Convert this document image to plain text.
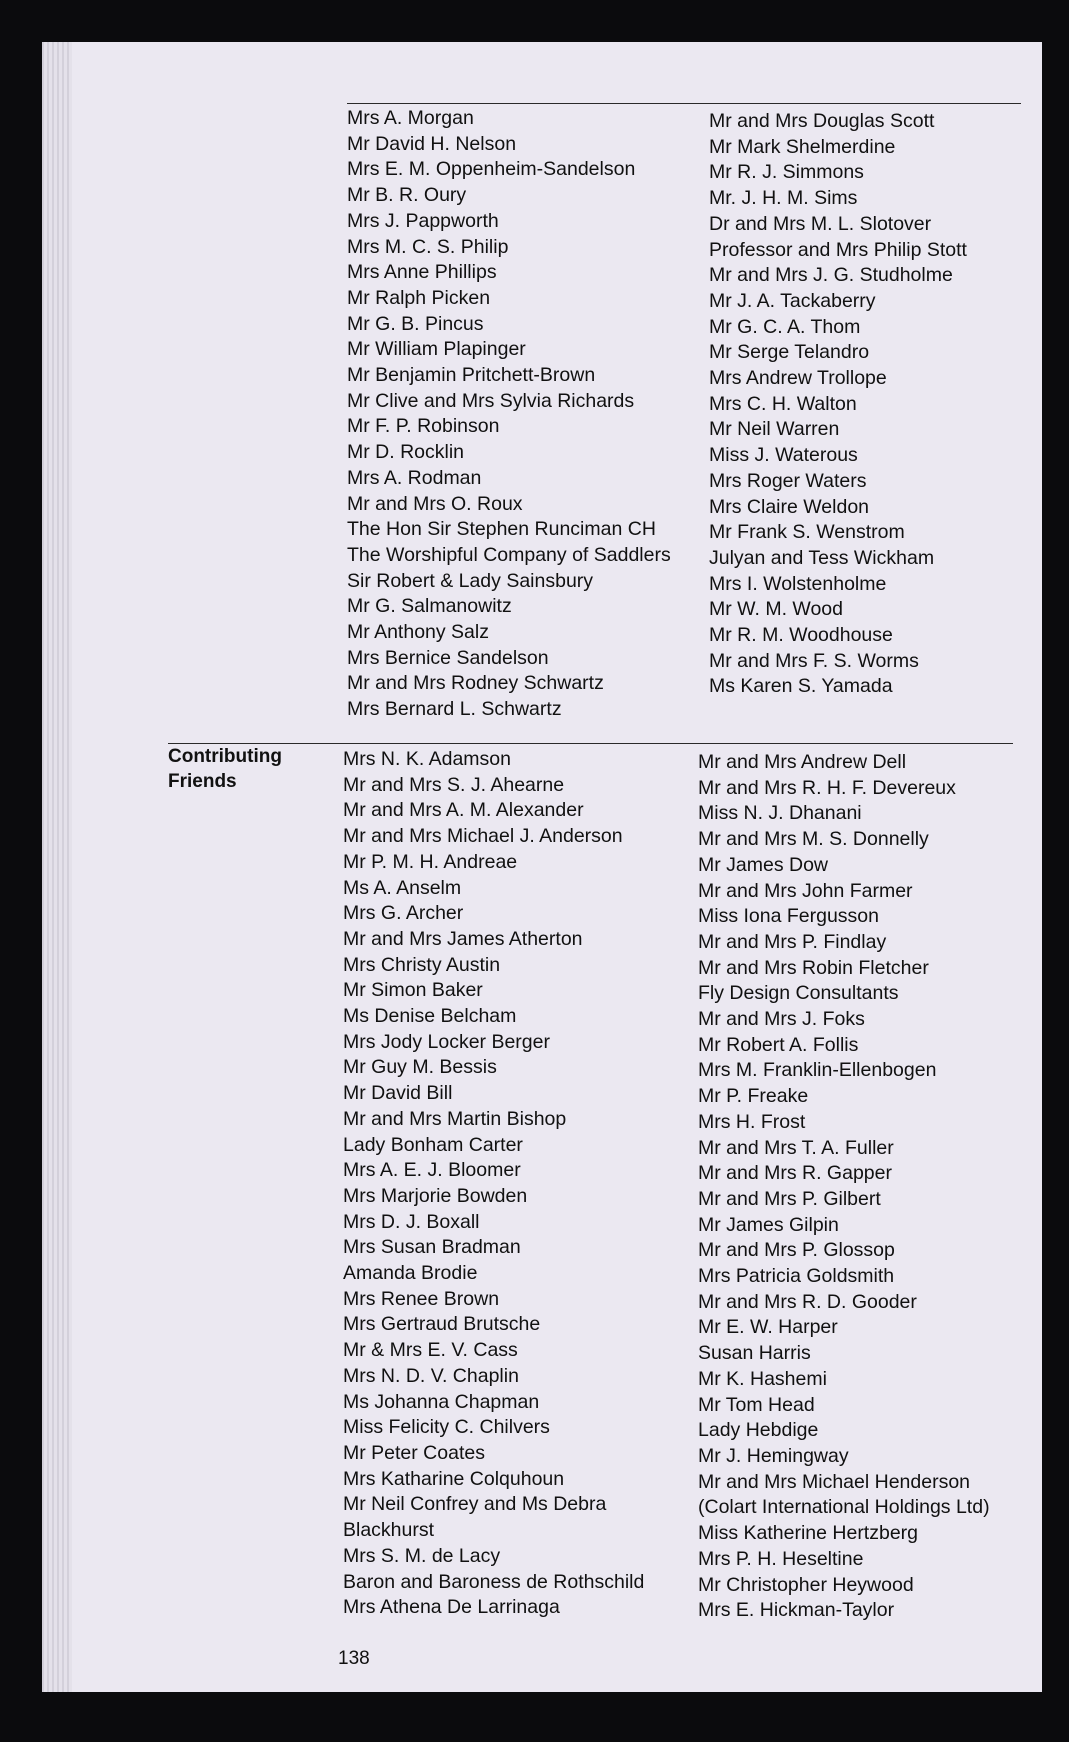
Mrs A. Morgan
Mr David H. Nelson
Mrs E. M. Oppenheim-Sandelson
Mr B. R. Oury
Mrs J. Pappworth
Mrs M. C. S. Philip
Mrs Anne Phillips
Mr Ralph Picken
Mr G. B. Pincus
Mr William Plapinger
Mr Benjamin Pritchett-Brown
Mr Clive and Mrs Sylvia Richards
Mr F. P. Robinson
Mr D. Rocklin
Mrs A. Rodman
Mr and Mrs O. Roux
The Hon Sir Stephen Runciman CH
The Worshipful Company of Saddlers
Sir Robert & Lady Sainsbury
Mr G. Salmanowitz
Mr Anthony Salz
Mrs Bernice Sandelson
Mr and Mrs Rodney Schwartz
Mrs Bernard L. Schwartz
Mr and Mrs Douglas Scott
Mr Mark Shelmerdine
Mr R. J. Simmons
Mr. J. H. M. Sims
Dr and Mrs M. L. Slotover
Professor and Mrs Philip Stott
Mr and Mrs J. G. Studholme
Mr J. A. Tackaberry
Mr G. C. A. Thom
Mr Serge Telandro
Mrs Andrew Trollope
Mrs C. H. Walton
Mr Neil Warren
Miss J. Waterous
Mrs Roger Waters
Mrs Claire Weldon
Mr Frank S. Wenstrom
Julyan and Tess Wickham
Mrs I. Wolstenholme
Mr W. M. Wood
Mr R. M. Woodhouse
Mr and Mrs F. S. Worms
Ms Karen S. Yamada
Contributing
Friends
Mrs N. K. Adamson
Mr and Mrs S. J. Ahearne
Mr and Mrs A. M. Alexander
Mr and Mrs Michael J. Anderson
Mr P. M. H. Andreae
Ms A. Anselm
Mrs G. Archer
Mr and Mrs James Atherton
Mrs Christy Austin
Mr Simon Baker
Ms Denise Belcham
Mrs Jody Locker Berger
Mr Guy M. Bessis
Mr David Bill
Mr and Mrs Martin Bishop
Lady Bonham Carter
Mrs A. E. J. Bloomer
Mrs Marjorie Bowden
Mrs D. J. Boxall
Mrs Susan Bradman
Amanda Brodie
Mrs Renee Brown
Mrs Gertraud Brutsche
Mr & Mrs E. V. Cass
Mrs N. D. V. Chaplin
Ms Johanna Chapman
Miss Felicity C. Chilvers
Mr Peter Coates
Mrs Katharine Colquhoun
Mr Neil Confrey and Ms Debra
Blackhurst
Mrs S. M. de Lacy
Baron and Baroness de Rothschild
Mrs Athena De Larrinaga
Mr and Mrs Andrew Dell
Mr and Mrs R. H. F. Devereux
Miss N. J. Dhanani
Mr and Mrs M. S. Donnelly
Mr James Dow
Mr and Mrs John Farmer
Miss Iona Fergusson
Mr and Mrs P. Findlay
Mr and Mrs Robin Fletcher
Fly Design Consultants
Mr and Mrs J. Foks
Mr Robert A. Follis
Mrs M. Franklin-Ellenbogen
Mr P. Freake
Mrs H. Frost
Mr and Mrs T. A. Fuller
Mr and Mrs R. Gapper
Mr and Mrs P. Gilbert
Mr James Gilpin
Mr and Mrs P. Glossop
Mrs Patricia Goldsmith
Mr and Mrs R. D. Gooder
Mr E. W. Harper
Susan Harris
Mr K. Hashemi
Mr Tom Head
Lady Hebdige
Mr J. Hemingway
Mr and Mrs Michael Henderson
(Colart International Holdings Ltd)
Miss Katherine Hertzberg
Mrs P. H. Heseltine
Mr Christopher Heywood
Mrs E. Hickman-Taylor
138
